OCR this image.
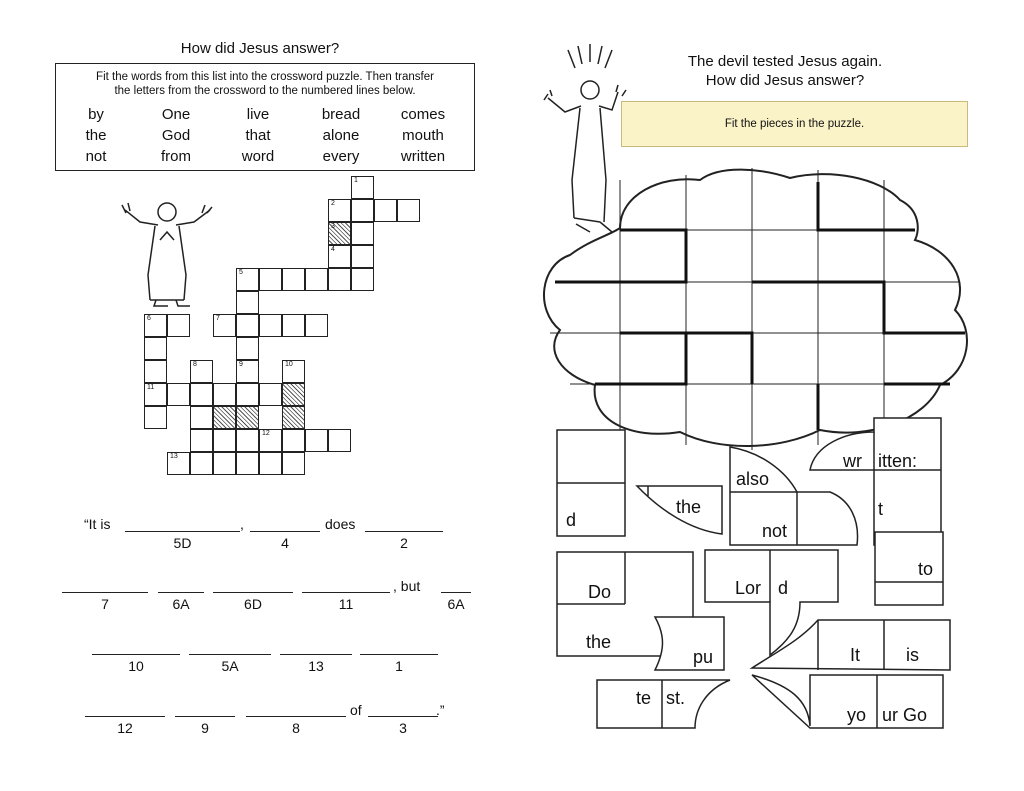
How did Jesus answer?
Fit the words from this list into the crossword puzzle. Then transfer
the letters from the crossword to the numbered lines below.
by	One	live	bread	comes
the	God	that	alone	mouth
not	from	word	every	written
1
3
4
5
6	7
8	9	10
11
12
13
2
“It is	,	does
, but
of	.”
5D	4	2
7	6A	6D	11	6A
10	5A	13	1
12	9	8	3
The devil tested Jesus again.
How did Jesus answer?
Fit the pieces in the puzzle.
d
the
also
not
wr itten:
t
to
Do	Lor d
the
pu	It	is
te st.
yo ur Go
